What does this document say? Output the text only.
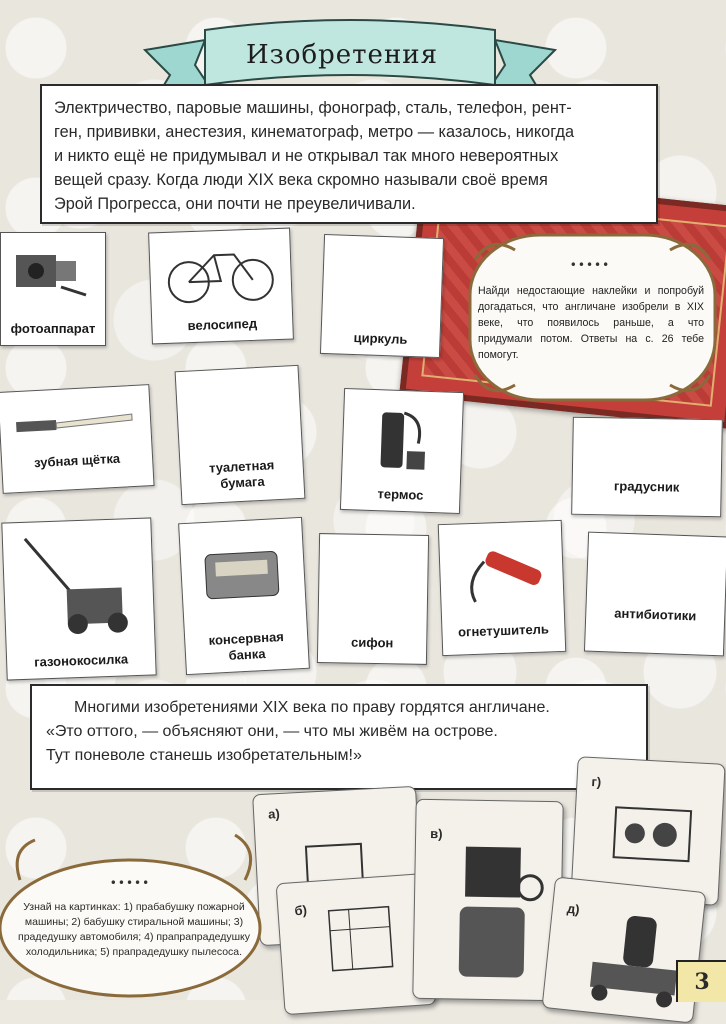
Изобретения

Электричество, паровые машины, фонограф, сталь, телефон, рент-

ген, прививки, анестезия, кинематограф, метро — казалось, никогда

и никто ещё не придумывал и не открывал так много невероятных

вещей сразу. Когда люди XIX века скромно называли своё время

Эрой Прогресса, они почти не преувеличивали.

•••••
Найди недостающие наклейки и попробуй догадаться, что англичане изобрели в XIX веке, что появилось раньше, а что придумали потом. Ответы на с. 26 тебе помогут.
фотоаппарат	велосипед
циркуль
зубная щётка	туалетная
бумага
термос	градусник
газонокосилка
консервная
банка
сифон
огнетушитель
антибиотики
Многими изобретениями XIX века по праву гордятся англичане.
«Это оттого, — объясняют они, — что мы живём на острове.
Тут поневоле станешь изобретательным!»
а)
б)
в)
г)
д)
•••••
Узнай на картинках: 1) прабабушку пожарной машины; 2) бабушку стиральной машины; 3) прадедушку автомобиля; 4) прапрапрадедушку холодильника; 5) прапрадедушку пылесоса.
3
